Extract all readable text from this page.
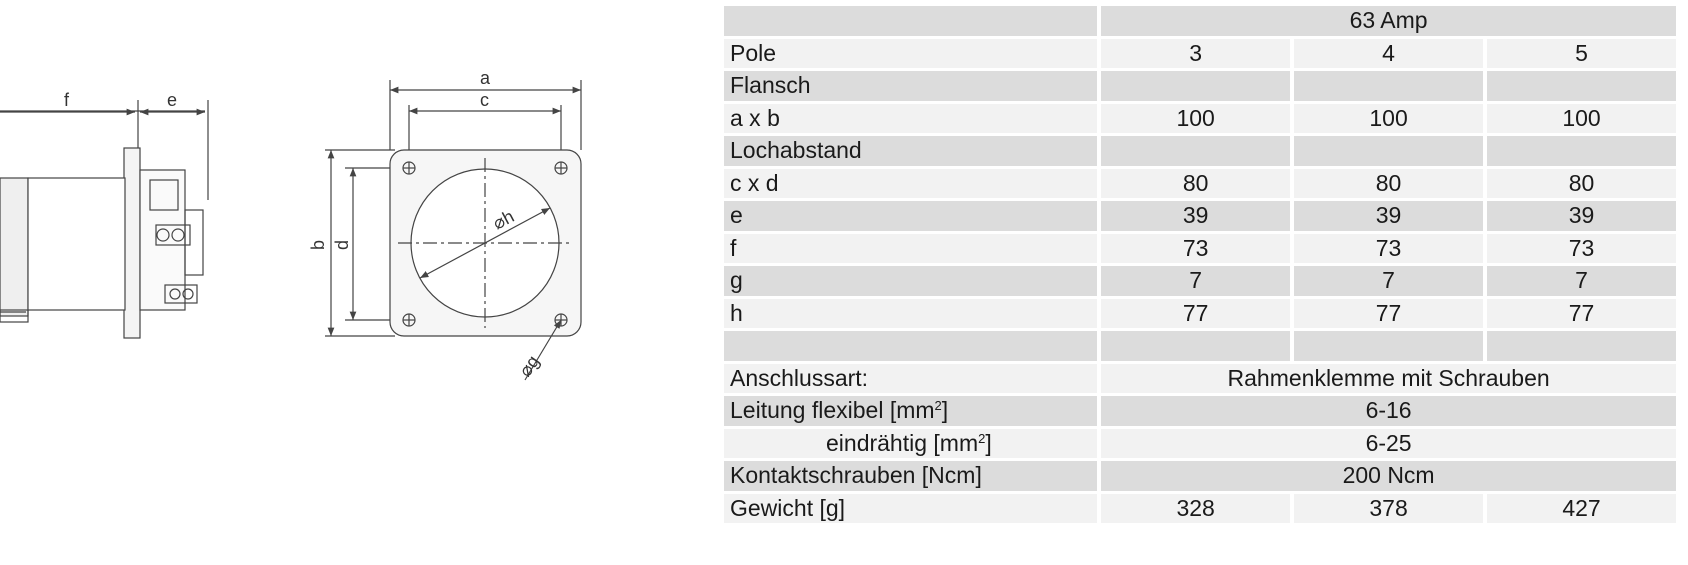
f	e
a
c
b d
⌀h
⌀g
	63 Amp		
Pole	3	4	5
Flansch			
a x b	100	100	100
Lochabstand			
c x d	80	80	80
e	39	39	39
f	73	73	73
g	7	7	7
h	77	77	77

Anschlussart:	Rahmenklemme mit Schrauben		
Leitung flexibel $[mm^2]$	6-16		
eindrähtig $[mm^2]$	6-25		
Kontaktschrauben [Ncm]	200 Ncm		
Gewicht [g]	328	378	427
